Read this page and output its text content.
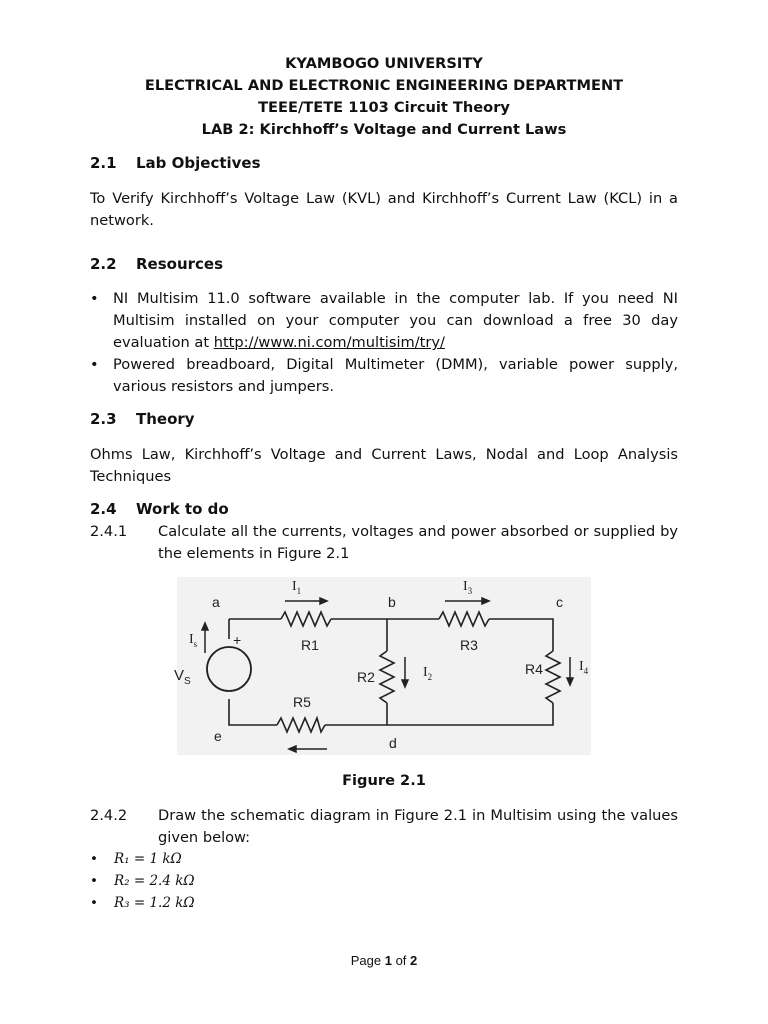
KYAMBOGO UNIVERSITY
ELECTRICAL AND ELECTRONIC ENGINEERING DEPARTMENT
TEEE/TETE 1103 Circuit Theory
LAB 2: Kirchhoff’s Voltage and Current Laws
2.1 Lab Objectives
To Verify Kirchhoff’s Voltage Law (KVL) and Kirchhoff’s Current Law (KCL) in a network.
2.2 Resources
• NI Multisim 11.0 software available in the computer lab. If you need NI Multisim installed on your computer you can download a free 30 day evaluation at http://www.ni.com/multisim/try/
• Powered breadboard, Digital Multimeter (DMM), variable power supply, various resistors and jumpers.
2.3 Theory
Ohms Law, Kirchhoff’s Voltage and Current Laws, Nodal and Loop Analysis Techniques
2.4 Work to do
2.4.1 Calculate all the currents, voltages and power absorbed or supplied by the elements in Figure 2.1
a	b	c
d
e
R1	R3
R5
R2	R4
+
$V_S$
$I_1$	$I_3$
$I_s$
$I_2$
$I_4$
Figure 2.1
2.4.2 Draw the schematic diagram in Figure 2.1 in Multisim using the values given below:
• R₁ = 1 kΩ
• R₂ = 2.4 kΩ
• R₃ = 1.2 kΩ
Page 1 of 2
